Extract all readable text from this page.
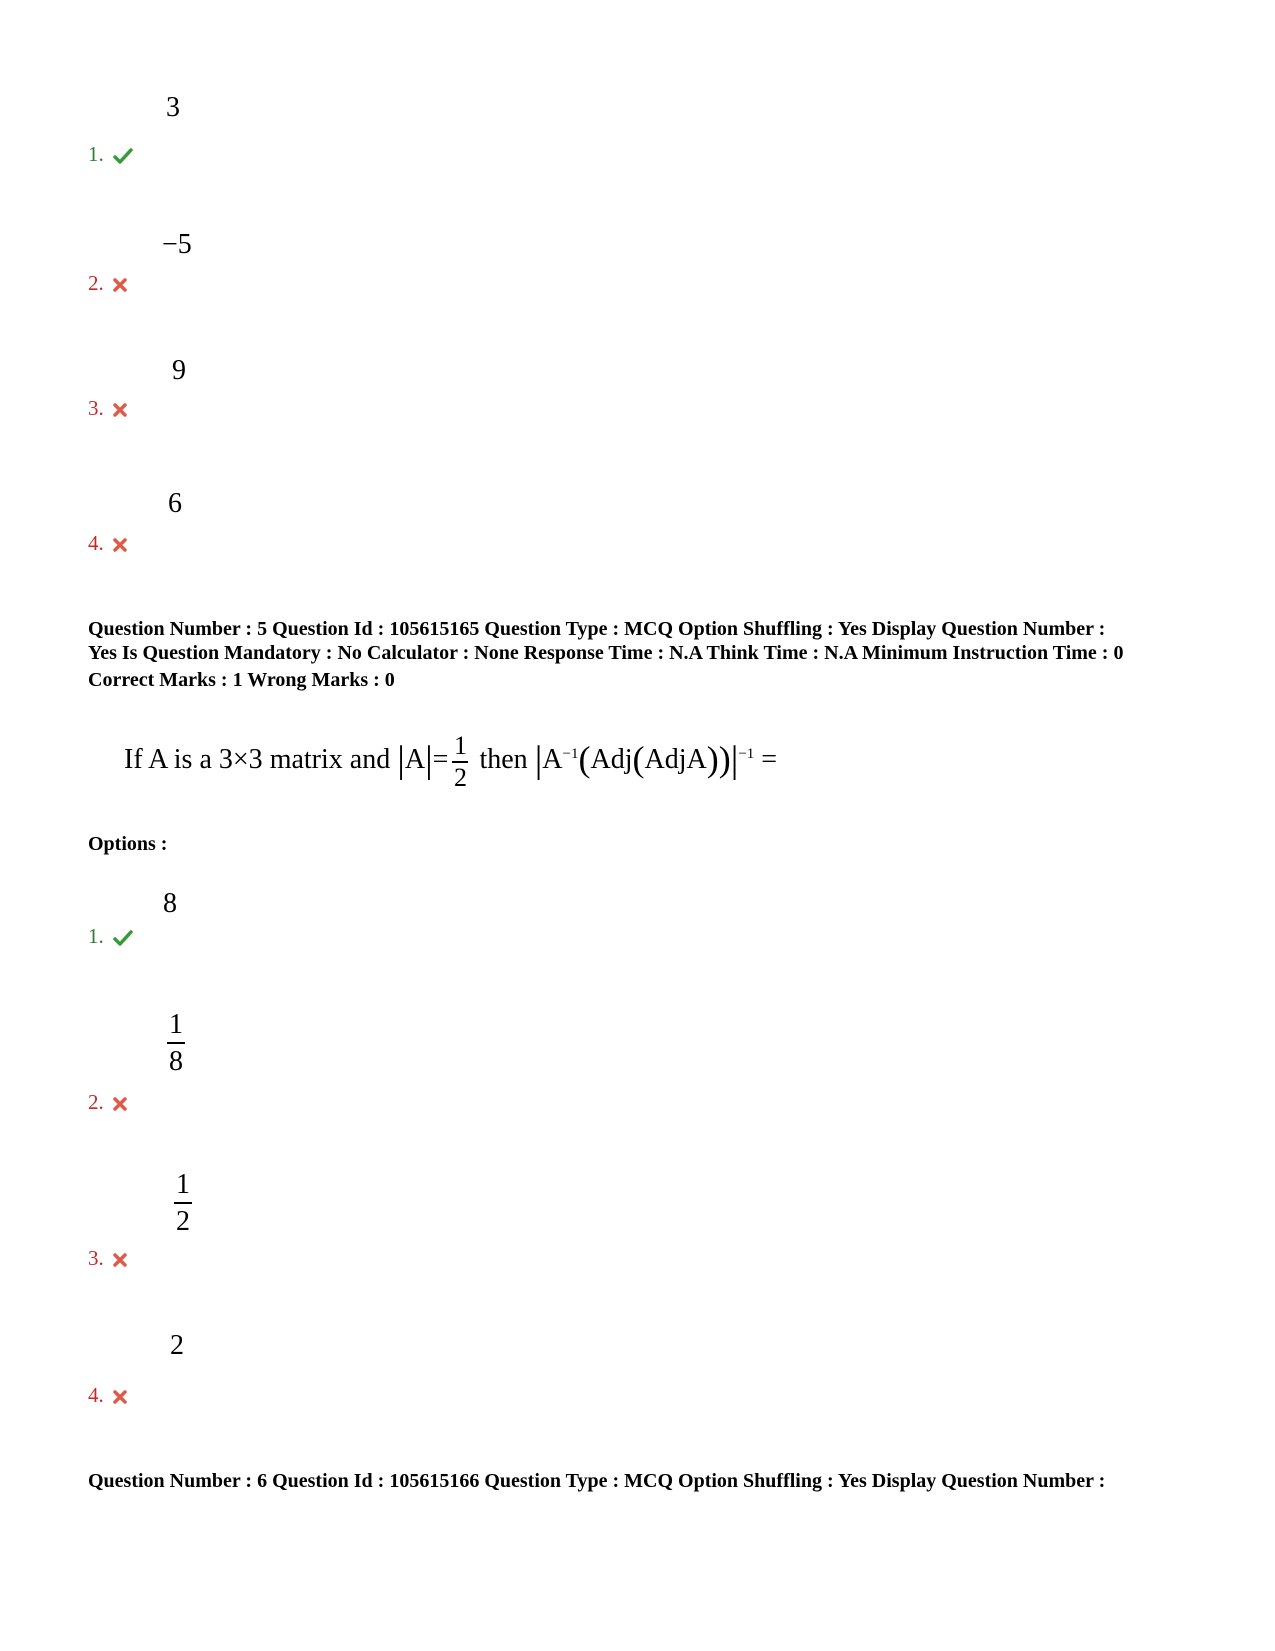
3
1.
−5
2.
9
3.
6
4.
Question Number : 5 Question Id : 105615165 Question Type : MCQ Option Shuffling : Yes Display Question Number :
Yes Is Question Mandatory : No Calculator : None Response Time : N.A Think Time : N.A Minimum Instruction Time : 0
Correct Marks : 1 Wrong Marks : 0
If A is a 3×3 matrix and $|A|= \frac{1}{2}$ then $|A^{-1}(Adj(AdjA))|^{-1}$ =
Options :
8
1.
1
8
2.
1
2
3.
2
4.
Question Number : 6 Question Id : 105615166 Question Type : MCQ Option Shuffling : Yes Display Question Number :
